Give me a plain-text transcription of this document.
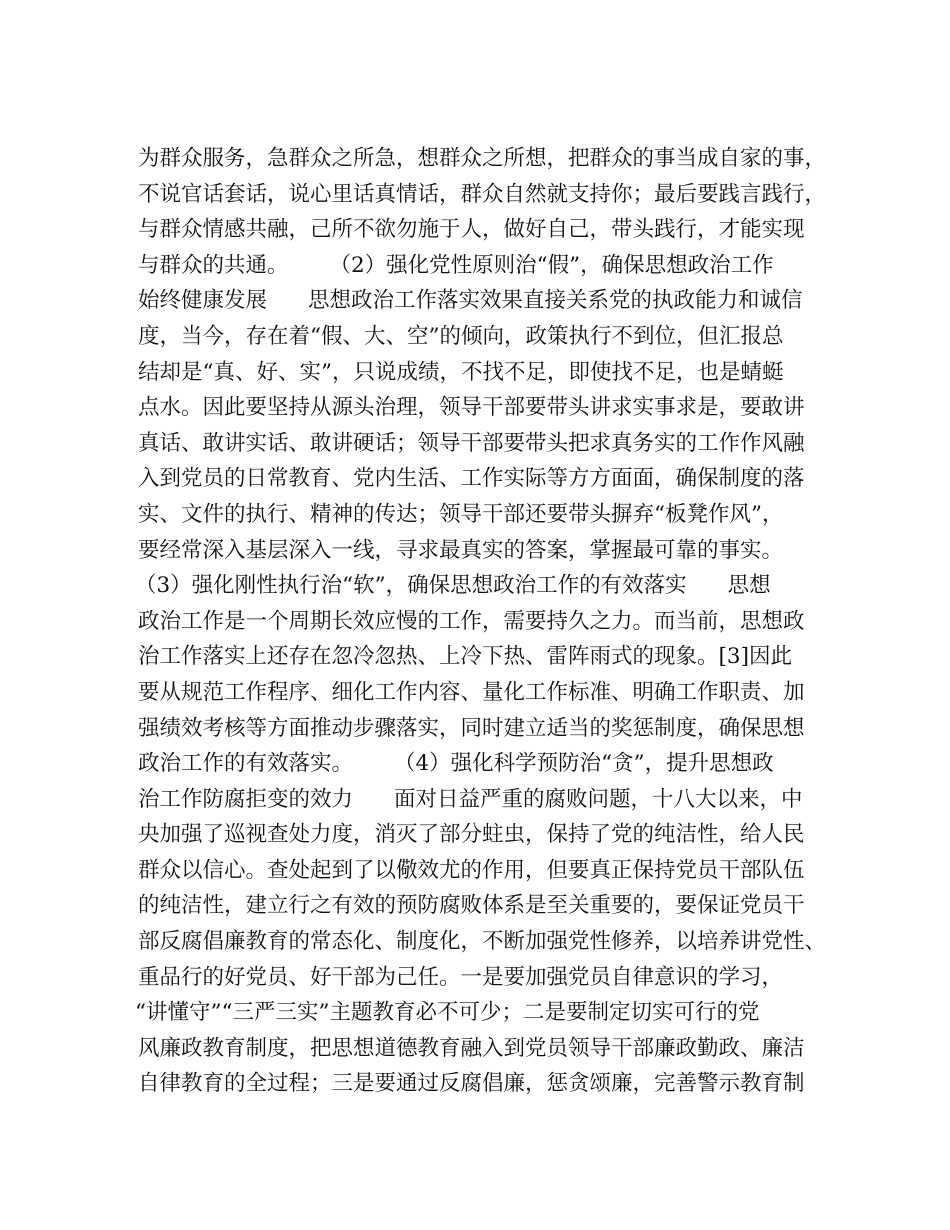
为群众服务，急群众之所急，想群众之所想，把群众的事当成自家的事，
不说官话套话，说心里话真情话，群众自然就支持你；最后要践言践行，
与群众情感共融，己所不欲勿施于人，做好自己，带头践行，才能实现
与群众的共通。      （2）强化党性原则治“假”，确保思想政治工作
始终健康发展      思想政治工作落实效果直接关系党的执政能力和诚信
度，当今，存在着“假、大、空”的倾向，政策执行不到位，但汇报总
结却是“真、好、实”，只说成绩，不找不足，即使找不足，也是蜻蜓
点水。因此要坚持从源头治理，领导干部要带头讲求实事求是，要敢讲
真话、敢讲实话、敢讲硬话；领导干部要带头把求真务实的工作作风融
入到党员的日常教育、党内生活、工作实际等方方面面，确保制度的落
实、文件的执行、精神的传达；领导干部还要带头摒弃“板凳作风”，
要经常深入基层深入一线，寻求最真实的答案，掌握最可靠的事实。
（3）强化刚性执行治“软”，确保思想政治工作的有效落实      思想
政治工作是一个周期长效应慢的工作，需要持久之力。而当前，思想政
治工作落实上还存在忽冷忽热、上冷下热、雷阵雨式的现象。[3]因此
要从规范工作程序、细化工作内容、量化工作标准、明确工作职责、加
强绩效考核等方面推动步骤落实，同时建立适当的奖惩制度，确保思想
政治工作的有效落实。      （4）强化科学预防治“贪”，提升思想政
治工作防腐拒变的效力      面对日益严重的腐败问题，十八大以来，中
央加强了巡视查处力度，消灭了部分蛀虫，保持了党的纯洁性，给人民
群众以信心。查处起到了以儆效尤的作用，但要真正保持党员干部队伍
的纯洁性，建立行之有效的预防腐败体系是至关重要的，要保证党员干
部反腐倡廉教育的常态化、制度化，不断加强党性修养，以培养讲党性、
重品行的好党员、好干部为己任。一是要加强党员自律意识的学习，
“讲懂守”“三严三实”主题教育必不可少；二是要制定切实可行的党
风廉政教育制度，把思想道德教育融入到党员领导干部廉政勤政、廉洁
自律教育的全过程；三是要通过反腐倡廉，惩贪颂廉，完善警示教育制
